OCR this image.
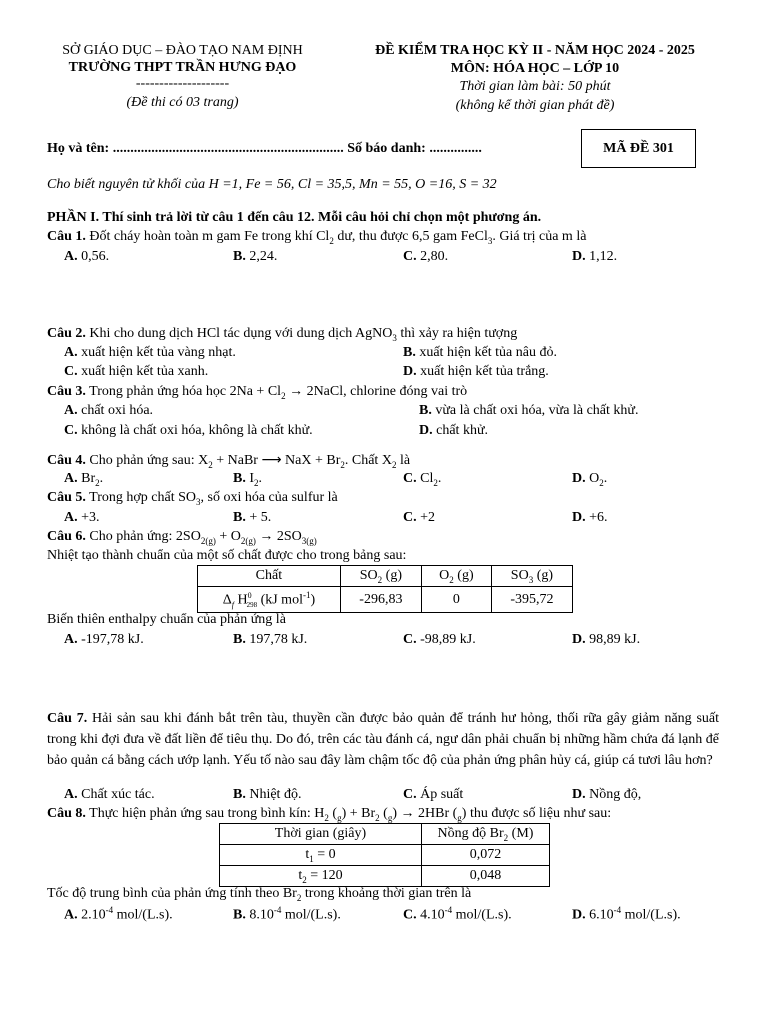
SỞ GIÁO DỤC – ĐÀO TẠO NAM ĐỊNH
TRƯỜNG THPT TRẦN HƯNG ĐẠO
--------------------
(Đề thi có 03 trang)
ĐỀ KIỂM TRA HỌC KỲ II - NĂM HỌC 2024 - 2025
MÔN: HÓA HỌC – LỚP 10
Thời gian làm bài: 50 phút
(không kể thời gian phát đề)
Họ và tên: .................................................................. Số báo danh: ...............	MÃ ĐỀ 301
Cho biết nguyên tử khối của H =1, Fe = 56, Cl = 35,5, Mn = 55, O =16, S = 32
PHẦN I. Thí sinh trả lời từ câu 1 đến câu 12. Mỗi câu hỏi chỉ chọn một phương án.
Câu 1. Đốt cháy hoàn toàn m gam Fe trong khí $Cl_2$ dư, thu được 6,5 gam FeCl$_3$. Giá trị của m là
A. 0,56.	B. 2,24.	C. 2,80.	D. 1,12.
Câu 2. Khi cho dung dịch HCl tác dụng với dung dịch AgNO$_3$ thì xảy ra hiện tượng
A. xuất hiện kết tủa vàng nhạt.	B. xuất hiện kết tủa nâu đỏ.
C. xuất hiện kết tủa xanh.	D. xuất hiện kết tủa trắng.
Câu 3. Trong phản ứng hóa học $2Na + Cl_2$ → 2NaCl, chlorine đóng vai trò
A. chất oxi hóa.	B. vừa là chất oxi hóa, vừa là chất khử.
C. không là chất oxi hóa, không là chất khử.	D. chất khử.
Câu 4. Cho phản ứng sau: $X_2$ + NaBr ⟶ NaX + $Br_2$. Chất $X_2$ là
A. $Br_2$.	B. $I_2$.	C. $Cl_2$.	D. $O_2$.
Câu 5. Trong hợp chất $SO_3$, số oxi hóa của sulfur là
A. +3.	B. + 5.	C. +2	D. +6.
Câu 6. Cho phản ứng: $2SO_{2(g)} + O_{2(g)} \to 2SO_{3(g)}$
Nhiệt tạo thành chuẩn của một số chất được cho trong bảng sau:
Chất	$SO_2$ (g)	$O_2$ (g)	$SO_3$ (g)
$\Delta_f$ $H^0_{298}$ (kJ mol$^{-1}$)	-296,83	0	-395,72
Biến thiên enthalpy chuẩn của phản ứng là
A. -197,78 kJ.	B. 197,78 kJ.	C. -98,89 kJ.	D. 98,89 kJ.
Câu 7. Hải sản sau khi đánh bắt trên tàu, thuyền cần được bảo quản để tránh hư hỏng, thối rữa gây giảm năng suất trong khi đợi đưa về đất liền để tiêu thụ. Do đó, trên các tàu đánh cá, ngư dân phải chuẩn bị những hầm chứa đá lạnh để bảo quản cá bằng cách ướp lạnh. Yếu tố nào sau đây làm chậm tốc độ của phản ứng phân hủy cá, giúp cá tươi lâu hơn?
A. Chất xúc tác.	B. Nhiệt độ.	C. Áp suất	D. Nồng độ,
Câu 8. Thực hiện phản ứng sau trong bình kín: $H_2$ $(_g) + Br_2$ $(_g) \to 2HBr$ $(_g)$ thu được số liệu như sau:
Thời gian (giây)	Nồng độ $Br_2$ (M)
$t_1 = 0$	0,072
$t_2 = 120$	0,048
Tốc độ trung bình của phản ứng tính theo $Br_2$ trong khoảng thời gian trên là
A. $2.10^{-4}$ mol/(L.s).	B. $8.10^{-4}$ mol/(L.s).	C. $4.10^{-4}$ mol/(L.s).	D. $6.10^{-4}$ mol/(L.s).
